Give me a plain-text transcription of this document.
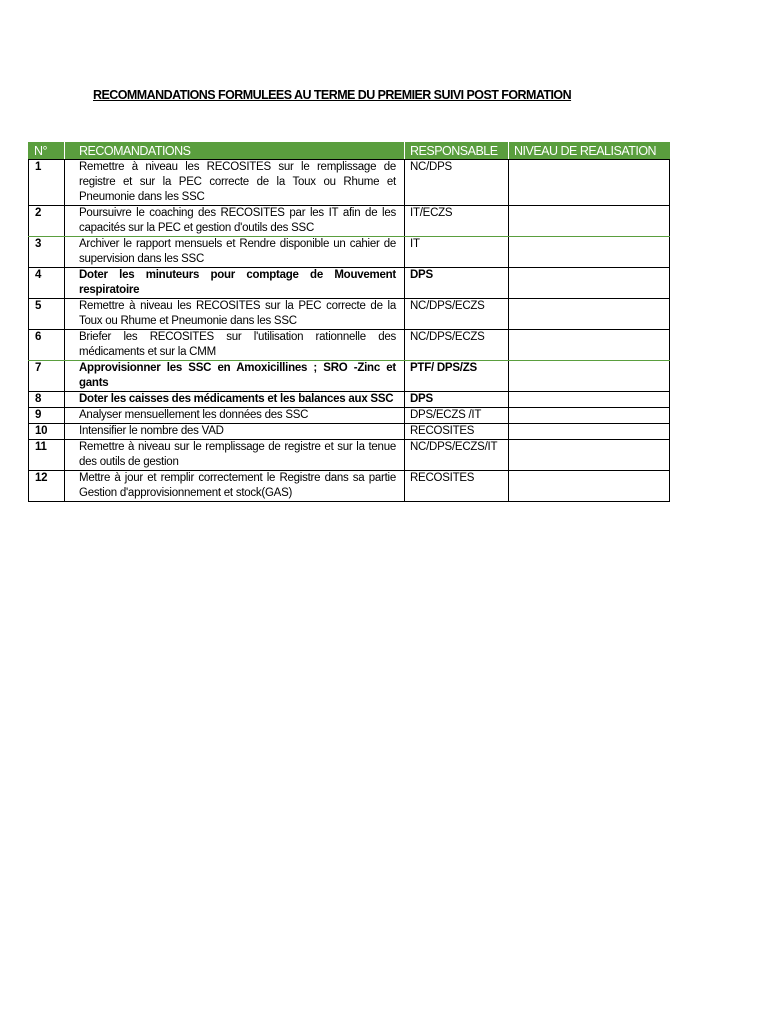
RECOMMANDATIONS FORMULEES AU TERME DU PREMIER SUIVI POST FORMATION
N°	RECOMANDATIONS	RESPONSABLE	NIVEAU DE REALISATION
1	Remettre à niveau les RECOSITES sur le remplissage de registre et sur la PEC correcte de la Toux ou Rhume et Pneumonie dans les SSC	NC/DPS	
2	Poursuivre le coaching des RECOSITES par les IT afin de les capacités sur la PEC et gestion d'outils des SSC	IT/ECZS	
3	Archiver le rapport mensuels et Rendre disponible un cahier de supervision dans les SSC	IT	
4	Doter les minuteurs pour comptage de Mouvement respiratoire	DPS	
5	Remettre à niveau les RECOSITES sur la PEC correcte de la Toux ou Rhume et Pneumonie dans les SSC	NC/DPS/ECZS	
6	Briefer les RECOSITES sur l'utilisation rationnelle des médicaments et sur la CMM	NC/DPS/ECZS	
7	Approvisionner les SSC en Amoxicillines ; SRO -Zinc et gants	PTF/ DPS/ZS	
8	Doter les caisses des médicaments et les balances aux SSC	DPS	
9	Analyser mensuellement les données des SSC	DPS/ECZS /IT	
10	Intensifier le nombre des VAD	RECOSITES	
11	Remettre à niveau sur le remplissage de registre et sur la tenue des outils de gestion	NC/DPS/ECZS/IT	
12	Mettre à jour et remplir correctement le Registre dans sa partie Gestion d'approvisionnement et stock(GAS)	RECOSITES	
